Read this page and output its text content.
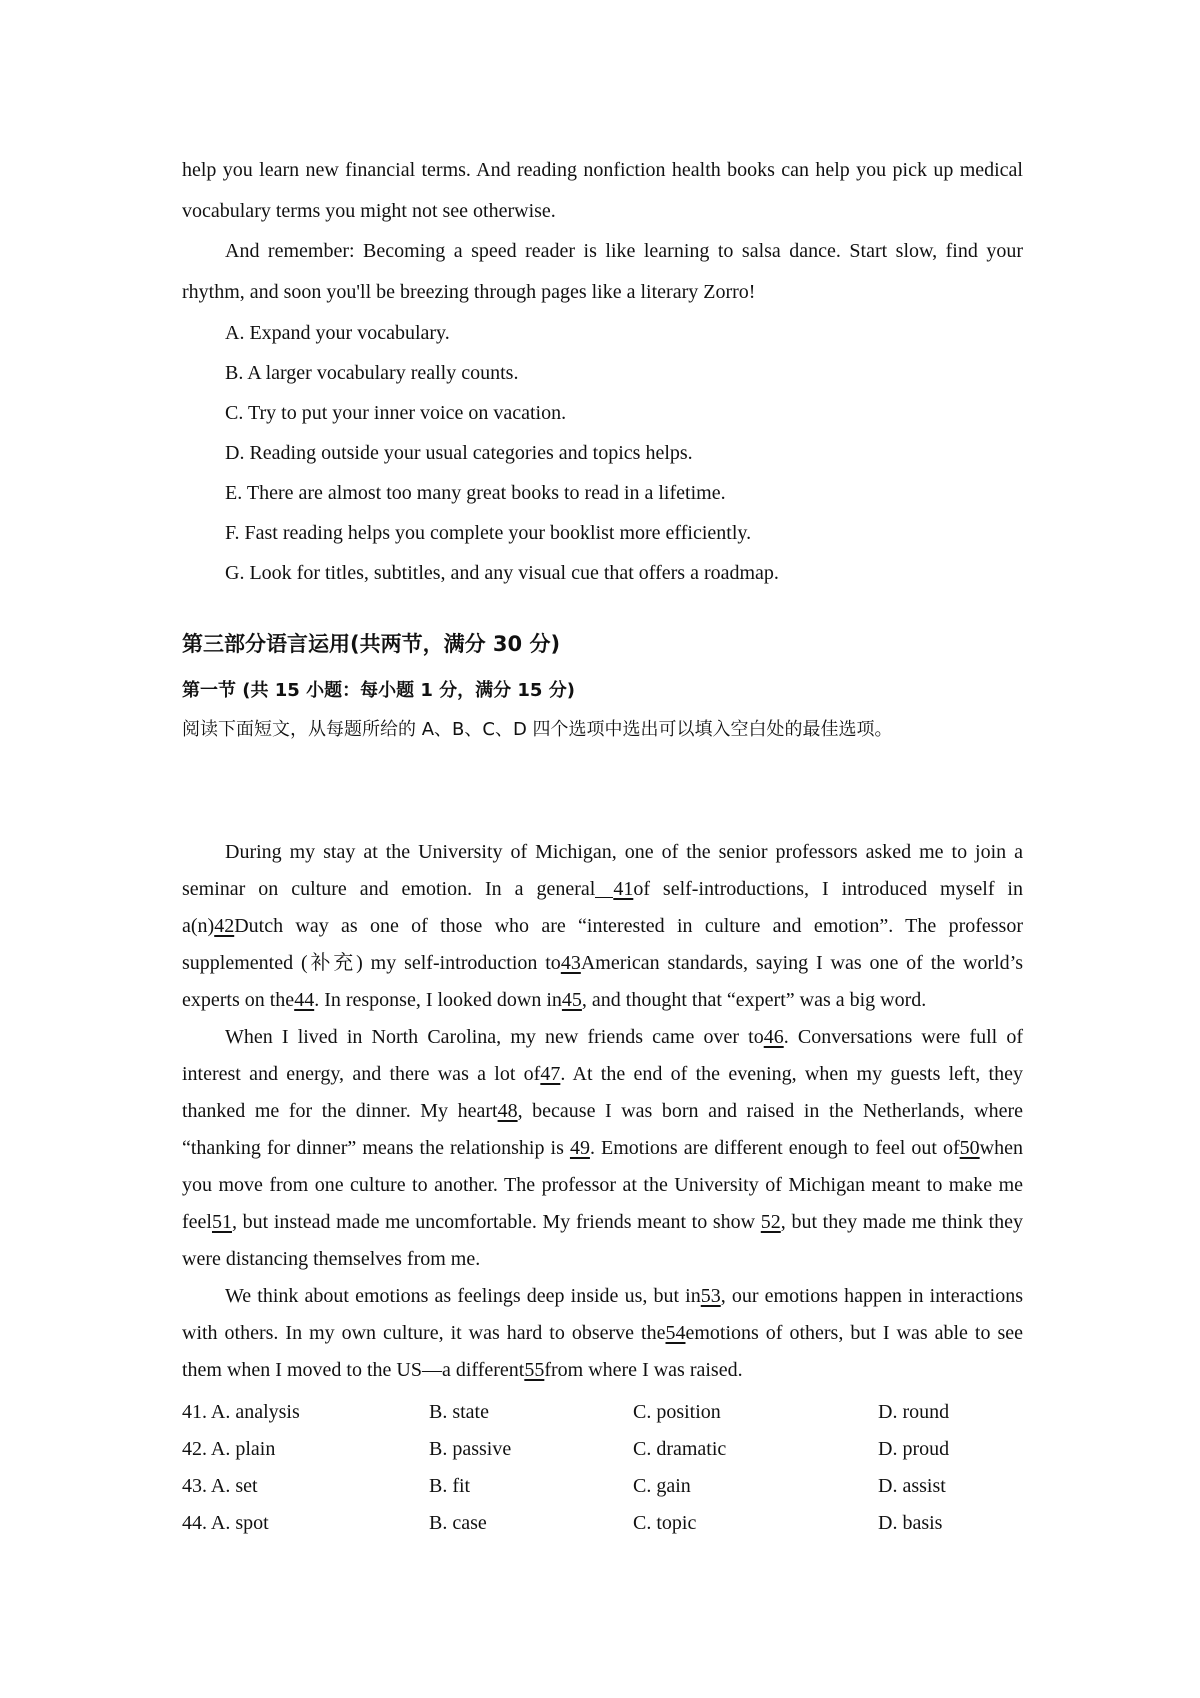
help you learn new financial terms. And reading nonfiction health books can help you pick up medical vocabulary terms you might not see otherwise.

And remember: Becoming a speed reader is like learning to salsa dance. Start slow, find your rhythm, and soon you'll be breezing through pages like a literary Zorro!

A. Expand your vocabulary.
B. A larger vocabulary really counts.
C. Try to put your inner voice on vacation.
D. Reading outside your usual categories and topics helps.
E. There are almost too many great books to read in a lifetime.
F. Fast reading helps you complete your booklist more efficiently.
G. Look for titles, subtitles, and any visual cue that offers a roadmap.
第三部分语言运用(共两节，满分 30 分)
第一节 (共 15 小题：每小题 1 分，满分 15 分)
阅读下面短文，从每题所给的 A、B、C、D 四个选项中选出可以填入空白处的最佳选项。

During my stay at the University of Michigan, one of the senior professors asked me to join a seminar on culture and emotion. In a general 41of self-introductions, I introduced myself in a(n)42Dutch way as one of those who are “interested in culture and emotion”. The professor supplemented (补充) my self-introduction to43American standards, saying I was one of the world’s experts on the44. In response, I looked down in45, and thought that “expert” was a big word.

When I lived in North Carolina, my new friends came over to46. Conversations were full of interest and energy, and there was a lot of47. At the end of the evening, when my guests left, they thanked me for the dinner. My heart48, because I was born and raised in the Netherlands, where “thanking for dinner” means the relationship is 49. Emotions are different enough to feel out of50when you move from one culture to another. The professor at the University of Michigan meant to make me feel51, but instead made me uncomfortable. My friends meant to show 52, but they made me think they were distancing themselves from me.

We think about emotions as feelings deep inside us, but in53, our emotions happen in interactions with others. In my own culture, it was hard to observe the54emotions of others, but I was able to see them when I moved to the US—a different55from where I was raised.

41. A. analysis	B. state	C. position	D. round
42. A. plain	B. passive	C. dramatic	D. proud
43. A. set	B. fit	C. gain	D. assist
44. A. spot	B. case	C. topic	D. basis
